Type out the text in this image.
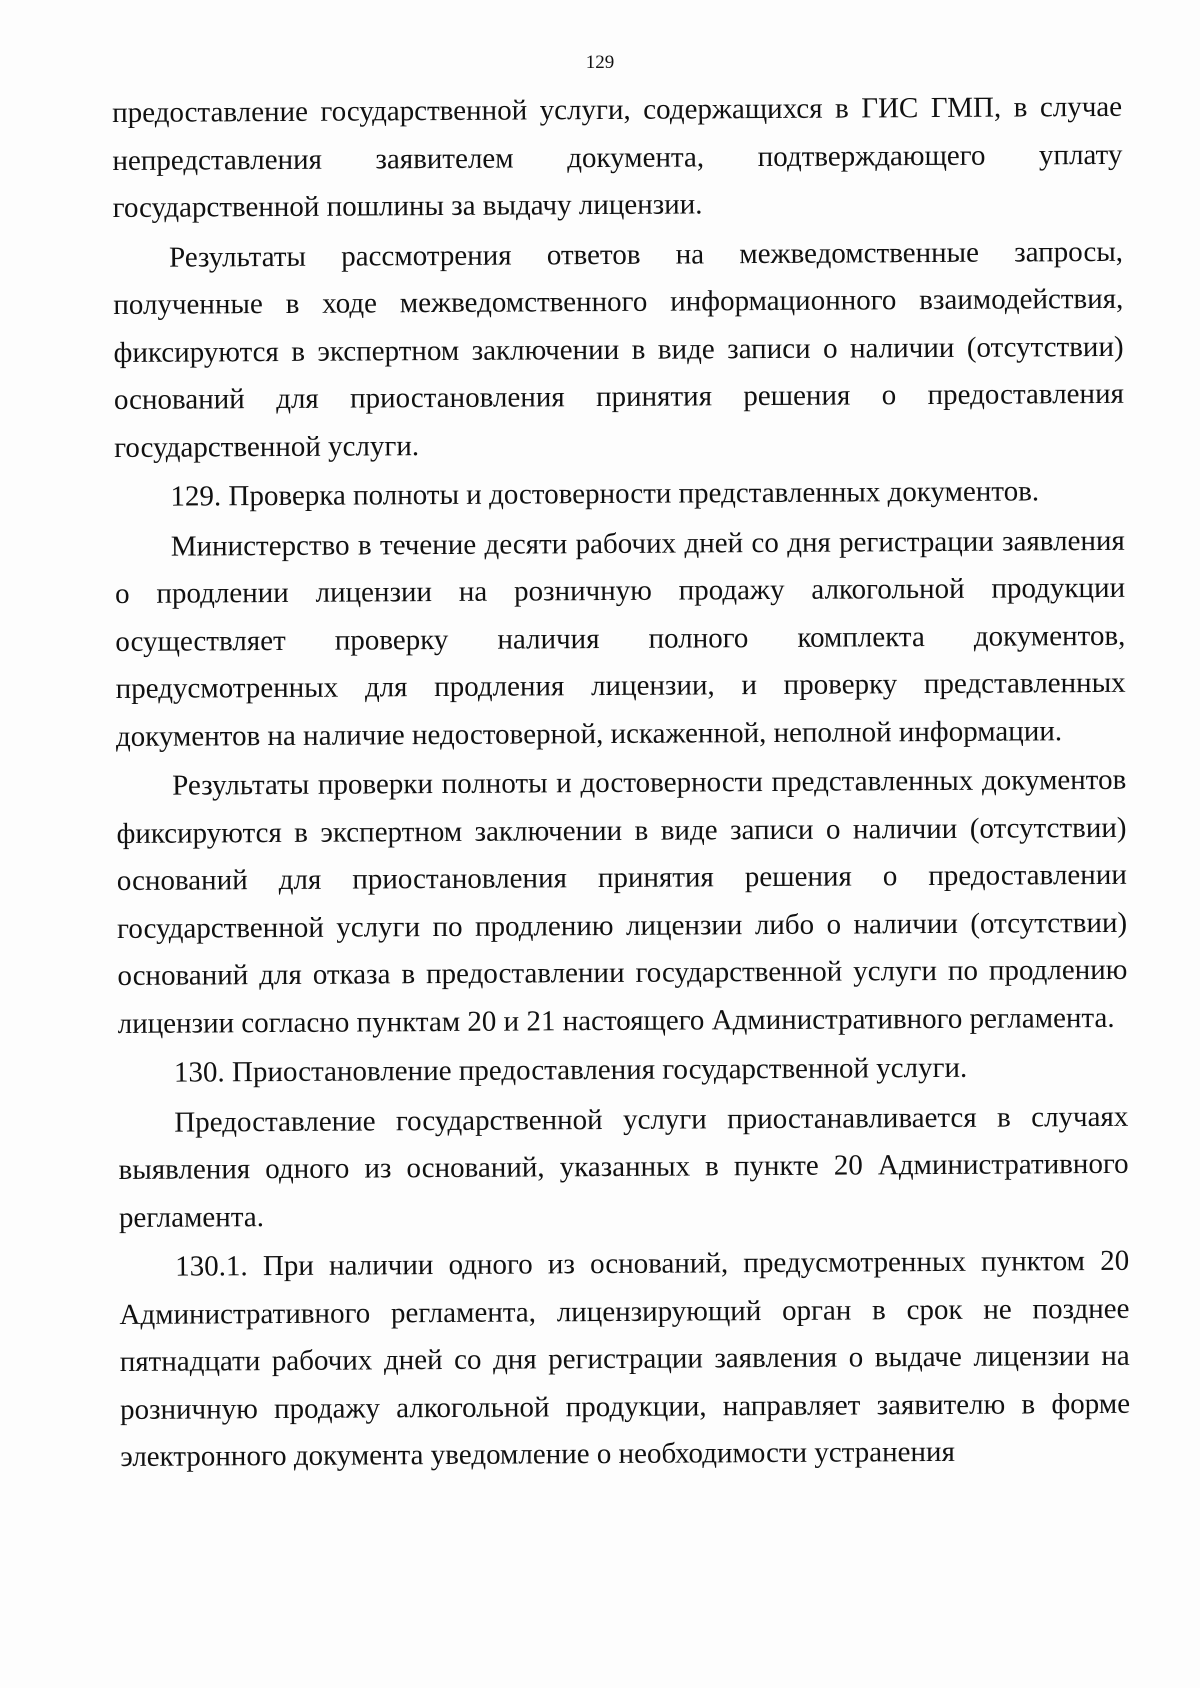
129

предоставление государственной услуги, содержащихся в ГИС ГМП, в случае непредставления заявителем документа, подтверждающего уплату государственной пошлины за выдачу лицензии.

Результаты рассмотрения ответов на межведомственные запросы, полученные в ходе межведомственного информационного взаимодействия, фиксируются в экспертном заключении в виде записи о наличии (отсутствии) оснований для приостановления принятия решения о предоставления государственной услуги.

129. Проверка полноты и достоверности представленных документов.

Министерство в течение десяти рабочих дней со дня регистрации заявления о продлении лицензии на розничную продажу алкогольной продукции осуществляет проверку наличия полного комплекта документов, предусмотренных для продления лицензии, и проверку представленных документов на наличие недостоверной, искаженной, неполной информации.

Результаты проверки полноты и достоверности представленных документов фиксируются в экспертном заключении в виде записи о наличии (отсутствии) оснований для приостановления принятия решения о предоставлении государственной услуги по продлению лицензии либо о наличии (отсутствии) оснований для отказа в предоставлении государственной услуги по продлению лицензии согласно пунктам 20 и 21 настоящего Административного регламента.

130. Приостановление предоставления государственной услуги.

Предоставление государственной услуги приостанавливается в случаях выявления одного из оснований, указанных в пункте 20 Административного регламента.

130.1. При наличии одного из оснований, предусмотренных пунктом 20 Административного регламента, лицензирующий орган в срок не позднее пятнадцати рабочих дней со дня регистрации заявления о выдаче лицензии на розничную продажу алкогольной продукции, направляет заявителю в форме электронного документа уведомление о необходимости устранения
